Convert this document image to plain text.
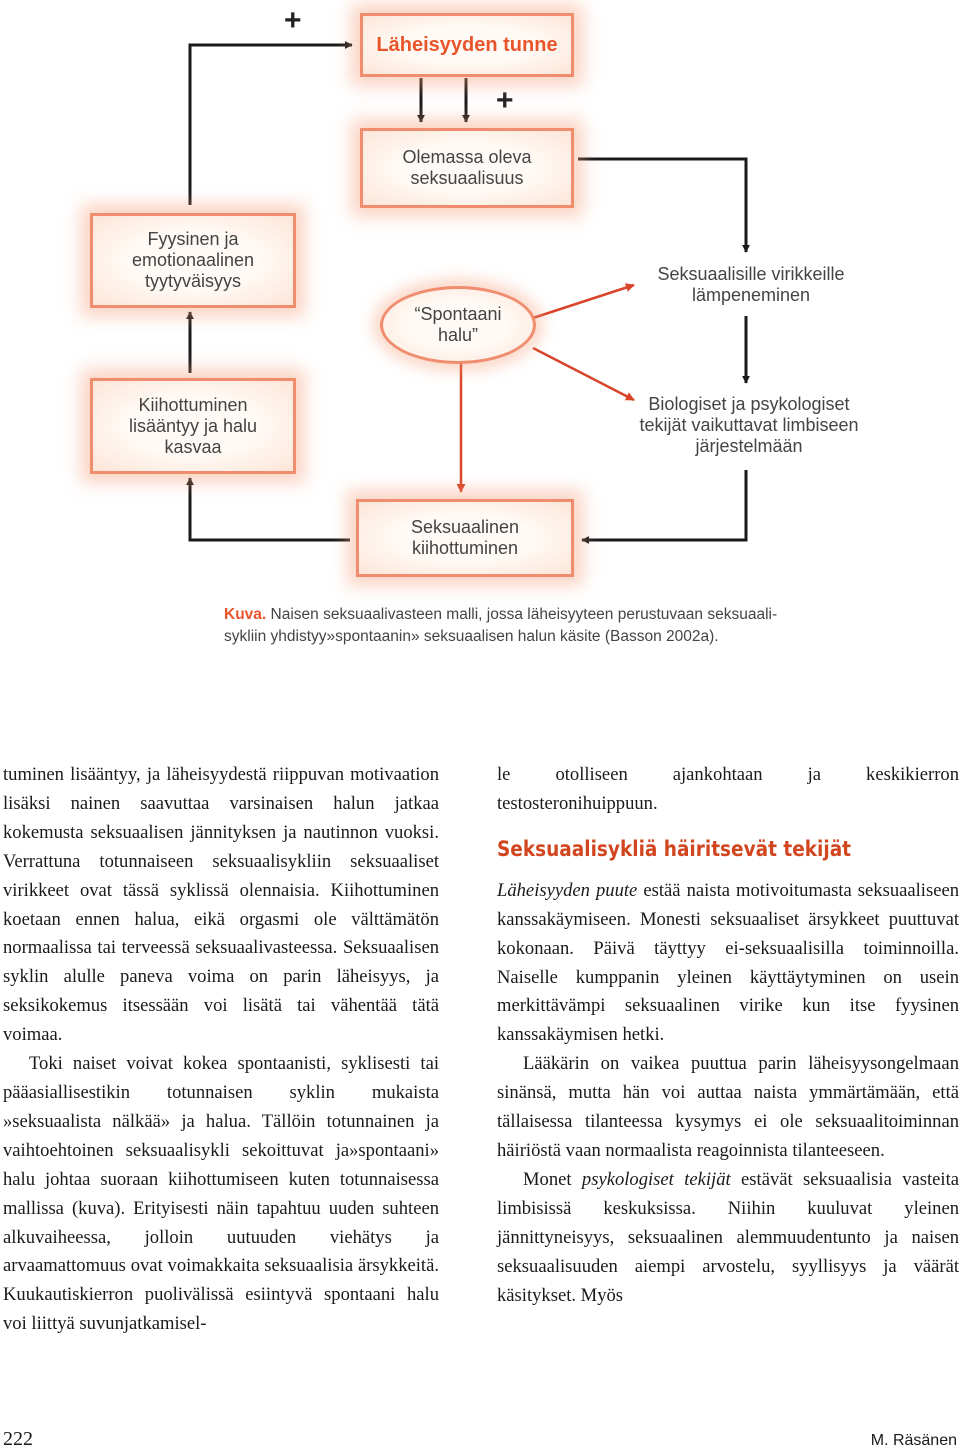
+
+
Läheisyyden tunne
Olemassa oleva
seksuaalisuus
Fyysinen ja
emotionaalinen
tyytyväisyys
“Spontaani
halu”
Seksuaalisille virikkeille
lämpeneminen
Kiihottuminen
lisääntyy ja halu
kasvaa
Biologiset ja psykologiset
tekijät vaikuttavat limbiseen
järjestelmään
Seksuaalinen
kiihottuminen
Kuva. Naisen seksuaalivasteen malli, jossa läheisyyteen perustuvaan seksuaali-
sykliin yhdistyy»spontaanin» seksuaalisen halun käsite (Basson 2002a).

tuminen lisääntyy, ja läheisyydestä riippuvan motivaation lisäksi nainen saavuttaa varsinaisen halun jatkaa kokemusta seksuaalisen jännityksen ja nautinnon vuoksi. Verrattuna totunnaiseen seksuaalisykliin seksuaaliset virikkeet ovat tässä syklissä olennaisia. Kiihottuminen koetaan ennen halua, eikä orgasmi ole välttämätön normaalissa tai terveessä seksuaalivasteessa. Seksuaalisen syklin alulle paneva voima on parin läheisyys, ja seksikokemus itsessään voi lisätä tai vähentää tätä voimaa.

Toki naiset voivat kokea spontaanisti, syklisesti tai pääasiallisestikin totunnaisen syklin mukaista »seksuaalista nälkää» ja halua. Tällöin totunnainen ja vaihtoehtoinen seksuaalisykli sekoittuvat ja»spontaani» halu johtaa suoraan kiihottumiseen kuten totunnaisessa mallissa (kuva). Erityisesti näin tapahtuu uuden suhteen alkuvaiheessa, jolloin uutuuden viehätys ja arvaamattomuus ovat voimakkaita seksuaalisia ärsykkeitä. Kuukautiskierron puolivälissä esiintyvä spontaani halu voi liittyä suvunjatkamisel-

le otolliseen ajankohtaan ja keskikierron testosteronihuippuun.

Seksuaalisykliä häiritsevät tekijät

Läheisyyden puute estää naista motivoitumasta seksuaaliseen kanssakäymiseen. Monesti seksuaaliset ärsykkeet puuttuvat kokonaan. Päivä täyttyy ei-seksuaalisilla toiminnoilla. Naiselle kumppanin yleinen käyttäytyminen on usein merkittävämpi seksuaalinen virike kun itse fyysinen kanssakäymisen hetki.

Lääkärin on vaikea puuttua parin läheisyysongelmaan sinänsä, mutta hän voi auttaa naista ymmärtämään, että tällaisessa tilanteessa kysymys ei ole seksuaalitoiminnan häiriöstä vaan normaalista reagoinnista tilanteeseen.

Monet psykologiset tekijät estävät seksuaalisia vasteita limbisissä keskuksissa. Niihin kuuluvat yleinen jännittyneisyys, seksuaalinen alemmuudentunto ja naisen seksuaalisuuden aiempi arvostelu, syyllisyys ja väärät käsitykset. Myös

222	M. Räsänen
